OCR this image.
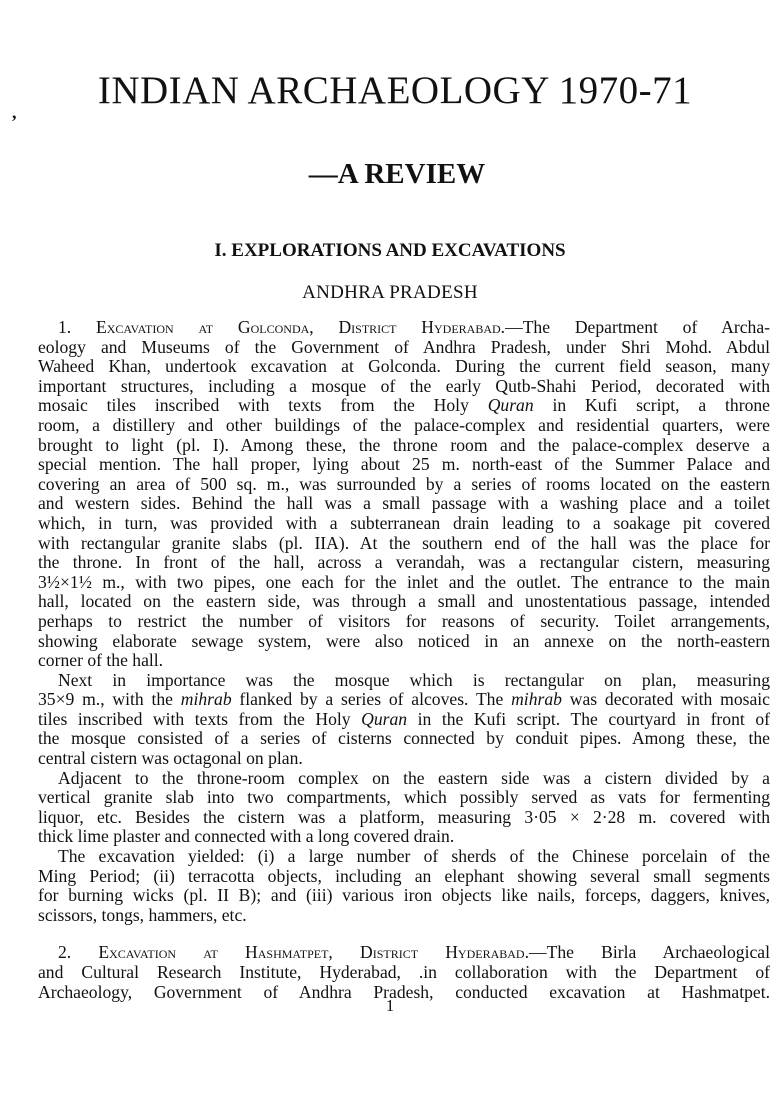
,	INDIAN ARCHAEOLOGY 1970-71
—A REVIEW
I. EXPLORATIONS AND EXCAVATIONS
ANDHRA PRADESH
1. Excavation at Golconda, District Hyderabad.—The Department of Archa-
eology and Museums of the Government of Andhra Pradesh, under Shri Mohd. Abdul
Waheed Khan, undertook excavation at Golconda. During the current field season, many
important structures, including a mosque of the early Qutb-Shahi Period, decorated with
mosaic tiles inscribed with texts from the Holy Quran in Kufi script, a throne
room, a distillery and other buildings of the palace-complex and residential quarters, were
brought to light (pl. I). Among these, the throne room and the palace-complex deserve a
special mention. The hall proper, lying about 25 m. north-east of the Summer Palace and
covering an area of 500 sq. m., was surrounded by a series of rooms located on the eastern
and western sides. Behind the hall was a small passage with a washing place and a toilet
which, in turn, was provided with a subterranean drain leading to a soakage pit covered
with rectangular granite slabs (pl. IIA). At the southern end of the hall was the place for
the throne. In front of the hall, across a verandah, was a rectangular cistern, measuring
3½×1½ m., with two pipes, one each for the inlet and the outlet. The entrance to the main
hall, located on the eastern side, was through a small and unostentatious passage, intended
perhaps to restrict the number of visitors for reasons of security. Toilet arrangements,
showing elaborate sewage system, were also noticed in an annexe on the north-eastern
corner of the hall.
Next in importance was the mosque which is rectangular on plan, measuring
35×9 m., with the mihrab flanked by a series of alcoves. The mihrab was decorated with mosaic
tiles inscribed with texts from the Holy Quran in the Kufi script. The courtyard in front of
the mosque consisted of a series of cisterns connected by conduit pipes. Among these, the
central cistern was octagonal on plan.
Adjacent to the throne-room complex on the eastern side was a cistern divided by a
vertical granite slab into two compartments, which possibly served as vats for fermenting
liquor, etc. Besides the cistern was a platform, measuring 3·05 × 2·28 m. covered with
thick lime plaster and connected with a long covered drain.
The excavation yielded: (i) a large number of sherds of the Chinese porcelain of the
Ming Period; (ii) terracotta objects, including an elephant showing several small segments
for burning wicks (pl. II B); and (iii) various iron objects like nails, forceps, daggers, knives,
scissors, tongs, hammers, etc.
2. Excavation at Hashmatpet, District Hyderabad.—The Birla Archaeological
and Cultural Research Institute, Hyderabad, .in collaboration with the Department of
Archaeology, Government of Andhra Pradesh, conducted excavation at Hashmatpet.
1
